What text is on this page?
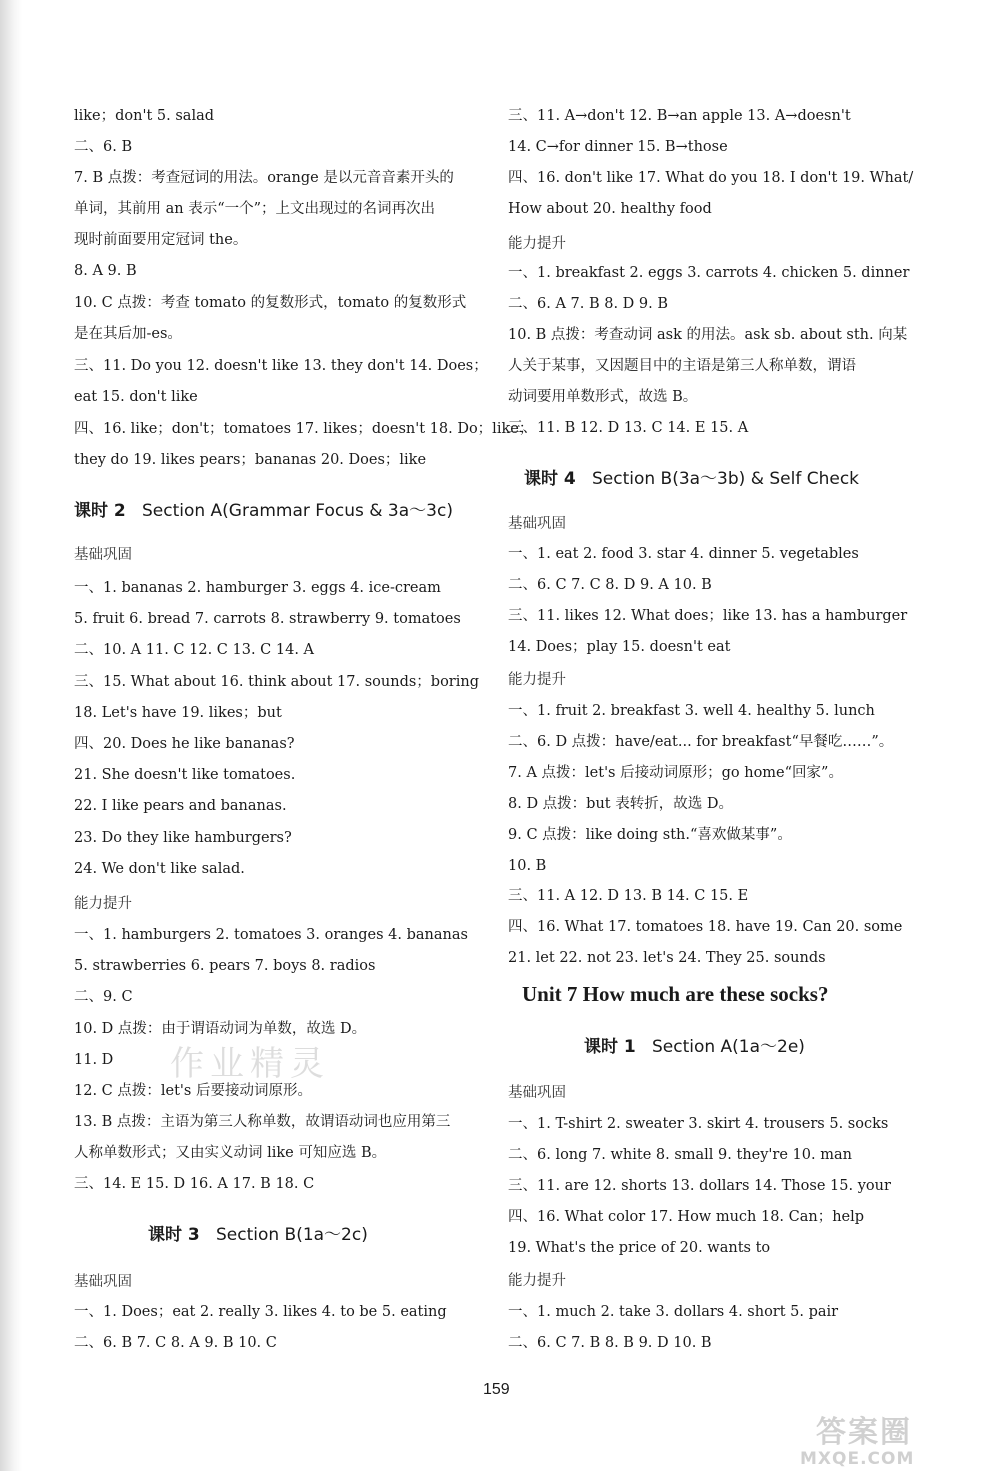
like；don't 5. salad
二、6. B
7. B 点拨：考查冠词的用法。orange 是以元音音素开头的
单词，其前用 an 表示“一个”；上文出现过的名词再次出
现时前面要用定冠词 the。
8. A 9. B
10. C 点拨：考查 tomato 的复数形式，tomato 的复数形式
是在其后加-es。
三、11. Do you 12. doesn't like 13. they don't 14. Does；
eat 15. don't like
四、16. like；don't；tomatoes 17. likes；doesn't 18. Do；like；
they do 19. likes pears；bananas 20. Does；like
课时 2 Section A(Grammar Focus & 3a～3c)
基础巩固
一、1. bananas 2. hamburger 3. eggs 4. ice-cream
5. fruit 6. bread 7. carrots 8. strawberry 9. tomatoes
二、10. A 11. C 12. C 13. C 14. A
三、15. What about 16. think about 17. sounds；boring
18. Let's have 19. likes；but
四、20. Does he like bananas?
21. She doesn't like tomatoes.
22. I like pears and bananas.
23. Do they like hamburgers?
24. We don't like salad.
能力提升
一、1. hamburgers 2. tomatoes 3. oranges 4. bananas
5. strawberries 6. pears 7. boys 8. radios
二、9. C
10. D 点拨：由于谓语动词为单数，故选 D。
11. D
12. C 点拨：let's 后要接动词原形。
13. B 点拨：主语为第三人称单数，故谓语动词也应用第三
人称单数形式；又由实义动词 like 可知应选 B。
三、14. E 15. D 16. A 17. B 18. C
课时 3 Section B(1a～2c)
基础巩固
一、1. Does；eat 2. really 3. likes 4. to be 5. eating
二、6. B 7. C 8. A 9. B 10. C
三、11. A→don't 12. B→an apple 13. A→doesn't
14. C→for dinner 15. B→those
四、16. don't like 17. What do you 18. I don't 19. What/
How about 20. healthy food
能力提升
一、1. breakfast 2. eggs 3. carrots 4. chicken 5. dinner
二、6. A 7. B 8. D 9. B
10. B 点拨：考查动词 ask 的用法。ask sb. about sth. 向某
人关于某事，又因题目中的主语是第三人称单数，谓语
动词要用单数形式，故选 B。
三、11. B 12. D 13. C 14. E 15. A
课时 4 Section B(3a～3b) & Self Check
基础巩固
一、1. eat 2. food 3. star 4. dinner 5. vegetables
二、6. C 7. C 8. D 9. A 10. B
三、11. likes 12. What does；like 13. has a hamburger
14. Does；play 15. doesn't eat
能力提升
一、1. fruit 2. breakfast 3. well 4. healthy 5. lunch
二、6. D 点拨：have/eat... for breakfast“早餐吃……”。
7. A 点拨：let's 后接动词原形；go home“回家”。
8. D 点拨：but 表转折，故选 D。
9. C 点拨：like doing sth.“喜欢做某事”。
10. B
三、11. A 12. D 13. B 14. C 15. E
四、16. What 17. tomatoes 18. have 19. Can 20. some
21. let 22. not 23. let's 24. They 25. sounds
Unit 7 How much are these socks?
课时 1 Section A(1a～2e)
基础巩固
一、1. T-shirt 2. sweater 3. skirt 4. trousers 5. socks
二、6. long 7. white 8. small 9. they're 10. man
三、11. are 12. shorts 13. dollars 14. Those 15. your
四、16. What color 17. How much 18. Can；help
19. What's the price of 20. wants to
能力提升
一、1. much 2. take 3. dollars 4. short 5. pair
二、6. C 7. B 8. B 9. D 10. B
作业精灵
159
答案圈
MXQE.COM
